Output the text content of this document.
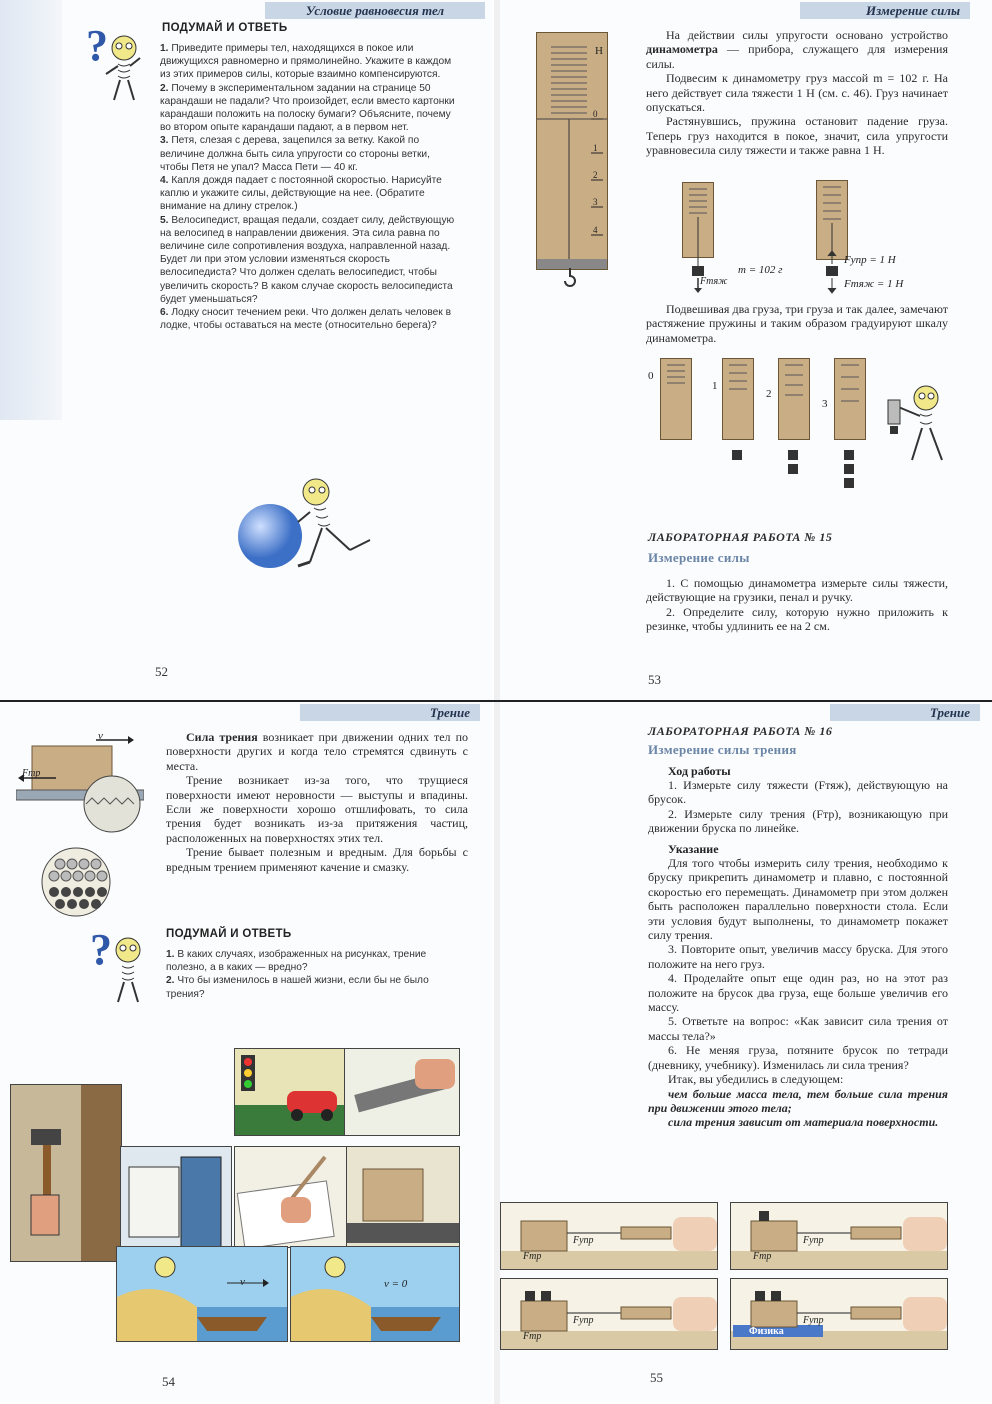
Условие равновесия тел
?	ПОДУМАЙ И ОТВЕТЬ
1. Приведите примеры тел, находящихся в покое или движущихся равномерно и прямолинейно. Укажите в каждом из этих примеров силы, которые взаимно компенсируются.
2. Почему в экспериментальном задании на странице 50 карандаши не падали? Что произойдет, если вместо картонки карандаши положить на полоску бумаги? Объясните, почему во втором опыте карандаши падают, а в первом нет.
3. Петя, слезая с дерева, зацепился за ветку. Какой по величине должна быть сила упругости со стороны ветки, чтобы Петя не упал? Масса Пети — 40 кг.
4. Капля дождя падает с постоянной скоростью. Нарисуйте каплю и укажите силы, действующие на нее. (Обратите внимание на длину стрелок.)
5. Велосипедист, вращая педали, создает силу, действующую на велосипед в направлении движения. Эта сила равна по величине силе сопротивления воздуха, направленной назад. Будет ли при этом условии изменяться скорость велосипедиста? Что должен сделать велосипедист, чтобы увеличить скорость? В каком случае скорость велосипедиста будет уменьшаться?
6. Лодку сносит течением реки. Что должен делать человек в лодке, чтобы оставаться на месте (относительно берега)?
52
Измерение силы
Н
0
1
2
3
4

На действии силы упругости основано устройство динамометра — прибора, служащего для измерения силы.

Подвесим к динамометру груз массой m = 102 г. На него действует сила тяжести 1 Н (см. с. 46). Груз начинает опускаться.

Растянувшись, пружина остановит падение груза. Теперь груз находится в покое, значит, сила упругости уравновесила силу тяжести и также равна 1 Н.

Fтяж
m = 102 г
Fупр = 1 Н
Fтяж = 1 Н

Подвешивая два груза, три груза и так далее, замечают растяжение пружины и таким образом градуируют шкалу динамометра.

0
1
2
3
ЛАБОРАТОРНАЯ РАБОТА № 15
Измерение силы

1. С помощью динамометра измерьте силы тяжести, действующие на грузики, пенал и ручку.

2. Определите силу, которую нужно приложить к резинке, чтобы удлинить ее на 2 см.

53
Трение
v
Fтр

Сила трения возникает при движении одних тел по поверхности других и когда тело стремятся сдвинуть с места.

Трение возникает из-за того, что трущиеся поверхности имеют неровности — выступы и впадины. Если же поверхности хорошо отшлифовать, то сила трения будет возникать из-за притяжения частиц, расположенных на поверхностях этих тел.

Трение бывает полезным и вредным. Для борьбы с вредным трением применяют качение и смазку.

?	ПОДУМАЙ И ОТВЕТЬ
1. В каких случаях, изображенных на рисунках, трение полезно, а в каких — вредно?
2. Что бы изменилось в нашей жизни, если бы не было трения?
v	v = 0
54
Трение
ЛАБОРАТОРНАЯ РАБОТА № 16
Измерение силы трения
Ход работы

1. Измерьте силу тяжести (Fтяж), действующую на брусок.

2. Измерьте силу трения (Fтр), возникающую при движении бруска по линейке.

Указание

Для того чтобы измерить силу трения, необходимо к бруску прикрепить динамометр и плавно, с постоянной скоростью его перемещать. Динамометр при этом должен быть расположен параллельно поверхности стола. Если эти условия будут выполнены, то динамометр покажет силу трения.

3. Повторите опыт, увеличив массу бруска. Для этого положите на него груз.

4. Проделайте опыт еще один раз, но на этот раз положите на брусок два груза, еще больше увеличив его массу.

5. Ответьте на вопрос: «Как зависит сила трения от массы тела?»

6. Не меняя груза, потяните брусок по тетради (дневнику, учебнику). Изменилась ли сила трения?

Итак, вы убедились в следующем:

чем больше масса тела, тем больше сила трения при движении этого тела;

сила трения зависит от материала поверхности.

Fтр
Fупр
Fтр
Fупр
Fтр
Fупр
Физика
Fупр
55
